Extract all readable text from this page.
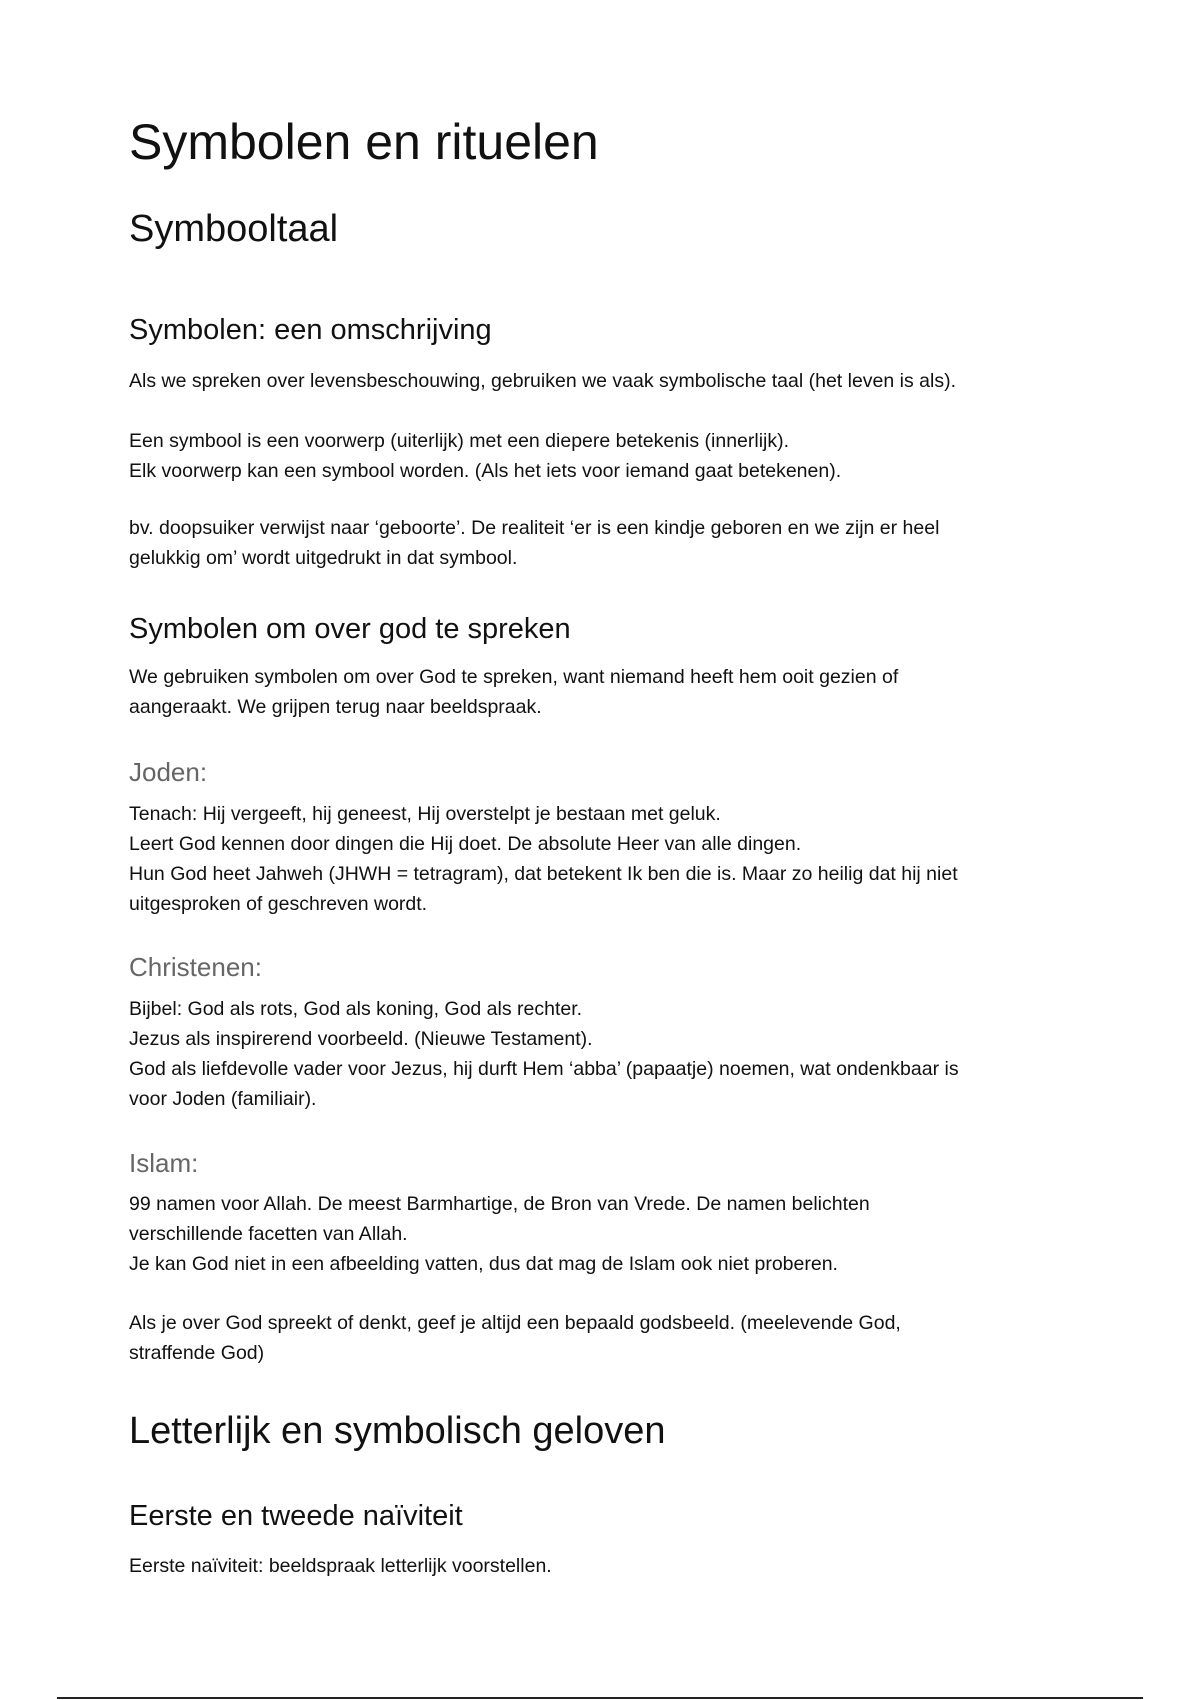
Symbolen en rituelen
Symbooltaal
Symbolen: een omschrijving

Als we spreken over levensbeschouwing, gebruiken we vaak symbolische taal (het leven is als).

Een symbool is een voorwerp (uiterlijk) met een diepere betekenis (innerlijk).
Elk voorwerp kan een symbool worden. (Als het iets voor iemand gaat betekenen).

bv. doopsuiker verwijst naar ‘geboorte’. De realiteit ‘er is een kindje geboren en we zijn er heel
gelukkig om’ wordt uitgedrukt in dat symbool.

Symbolen om over god te spreken

We gebruiken symbolen om over God te spreken, want niemand heeft hem ooit gezien of
aangeraakt. We grijpen terug naar beeldspraak.

Joden:

Tenach: Hij vergeeft, hij geneest, Hij overstelpt je bestaan met geluk.
Leert God kennen door dingen die Hij doet. De absolute Heer van alle dingen.
Hun God heet Jahweh (JHWH = tetragram), dat betekent Ik ben die is. Maar zo heilig dat hij niet
uitgesproken of geschreven wordt.

Christenen:

Bijbel: God als rots, God als koning, God als rechter.
Jezus als inspirerend voorbeeld. (Nieuwe Testament).
God als liefdevolle vader voor Jezus, hij durft Hem ‘abba’ (papaatje) noemen, wat ondenkbaar is
voor Joden (familiair).

Islam:

99 namen voor Allah. De meest Barmhartige, de Bron van Vrede. De namen belichten
verschillende facetten van Allah.
Je kan God niet in een afbeelding vatten, dus dat mag de Islam ook niet proberen.

Als je over God spreekt of denkt, geef je altijd een bepaald godsbeeld. (meelevende God,
straffende God)

Letterlijk en symbolisch geloven
Eerste en tweede naïviteit

Eerste naïviteit: beeldspraak letterlijk voorstellen.
